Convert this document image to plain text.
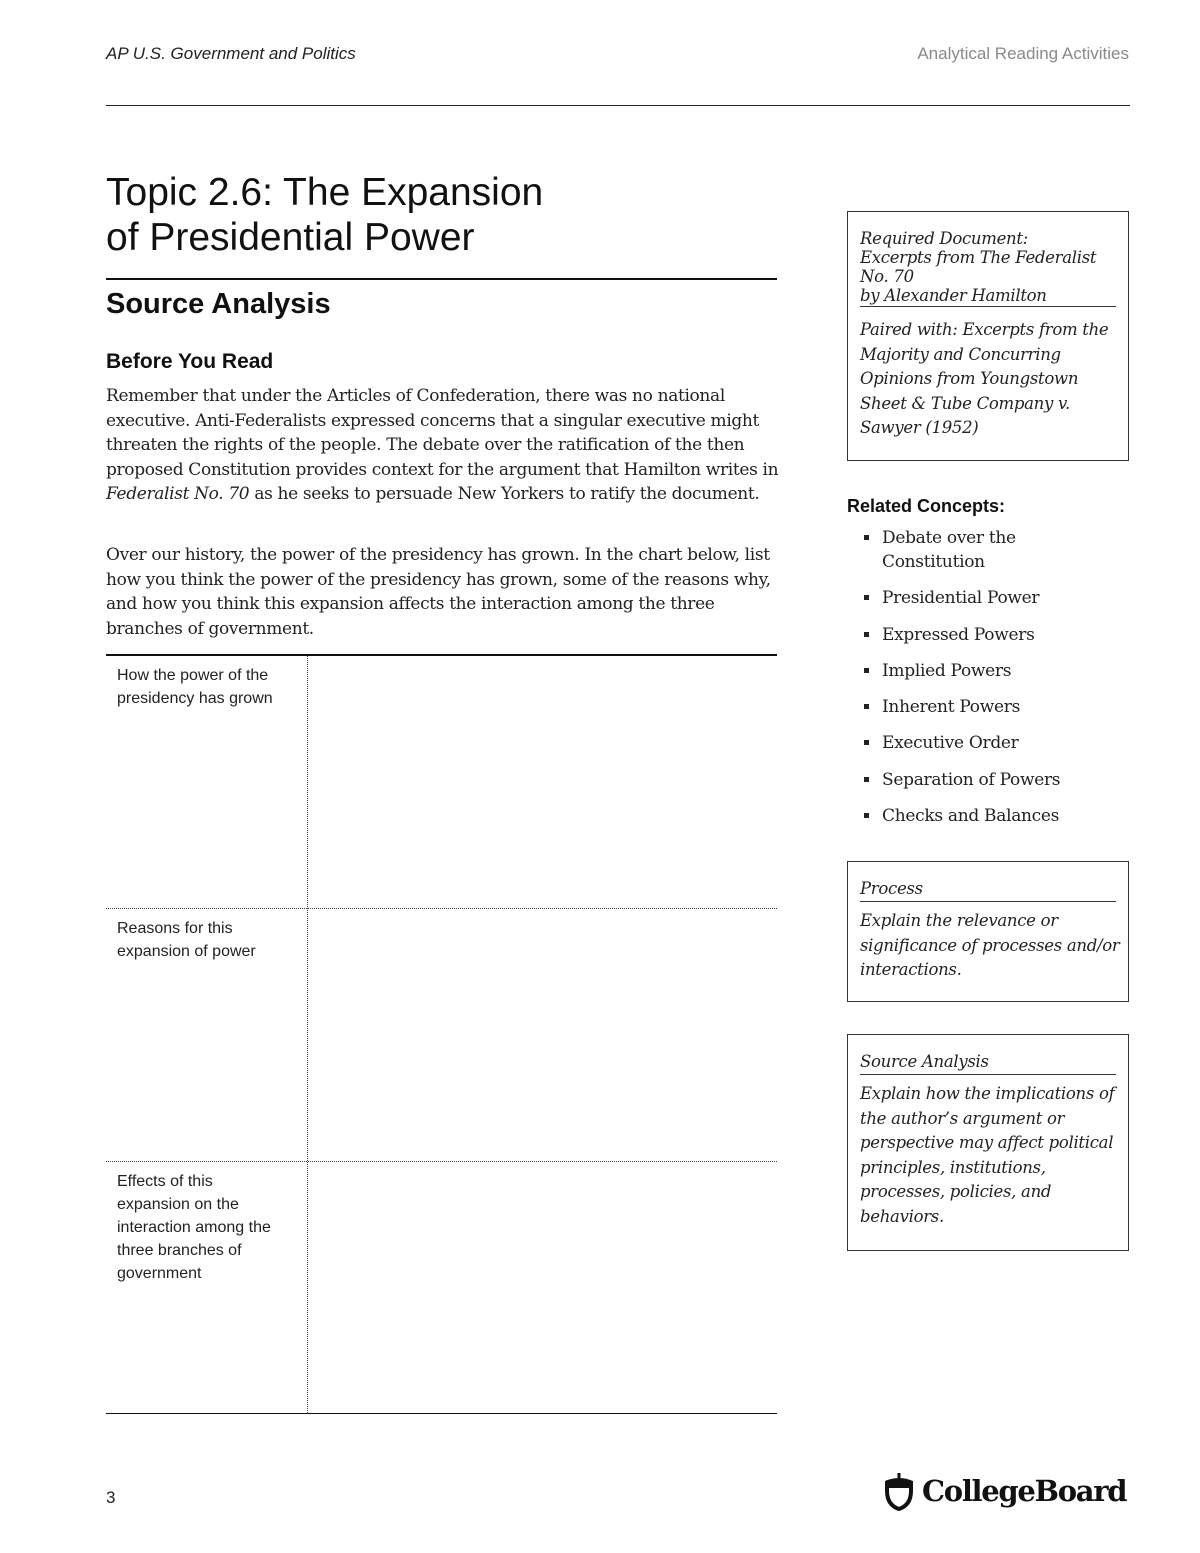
AP U.S. Government and Politics	Analytical Reading Activities
Topic 2.6: The Expansion
of Presidential Power
Source Analysis
Before You Read

Remember that under the Articles of Confederation, there was no national executive. Anti-Federalists expressed concerns that a singular executive might threaten the rights of the people. The debate over the ratification of the then proposed Constitution provides context for the argument that Hamilton writes in Federalist No. 70 as he seeks to persuade New Yorkers to ratify the document.

Over our history, the power of the presidency has grown. In the chart below, list how you think the power of the presidency has grown, some of the reasons why, and how you think this expansion affects the interaction among the three branches of government.

How the power of the presidency has grown
Reasons for this expansion of power
Effects of this expansion on the interaction among the three branches of government
Required Document:
Excerpts from The Federalist
No. 70
by Alexander Hamilton
Paired with: Excerpts from the Majority and Concurring Opinions from Youngstown Sheet & Tube Company v. Sawyer (1952)
Related Concepts:
Debate over the Constitution
Presidential Power
Expressed Powers
Implied Powers
Inherent Powers
Executive Order
Separation of Powers
Checks and Balances
Process
Explain the relevance or significance of processes and/or interactions.
Source Analysis
Explain how the implications of the author’s argument or perspective may affect political principles, institutions, processes, policies, and behaviors.
3	CollegeBoard
